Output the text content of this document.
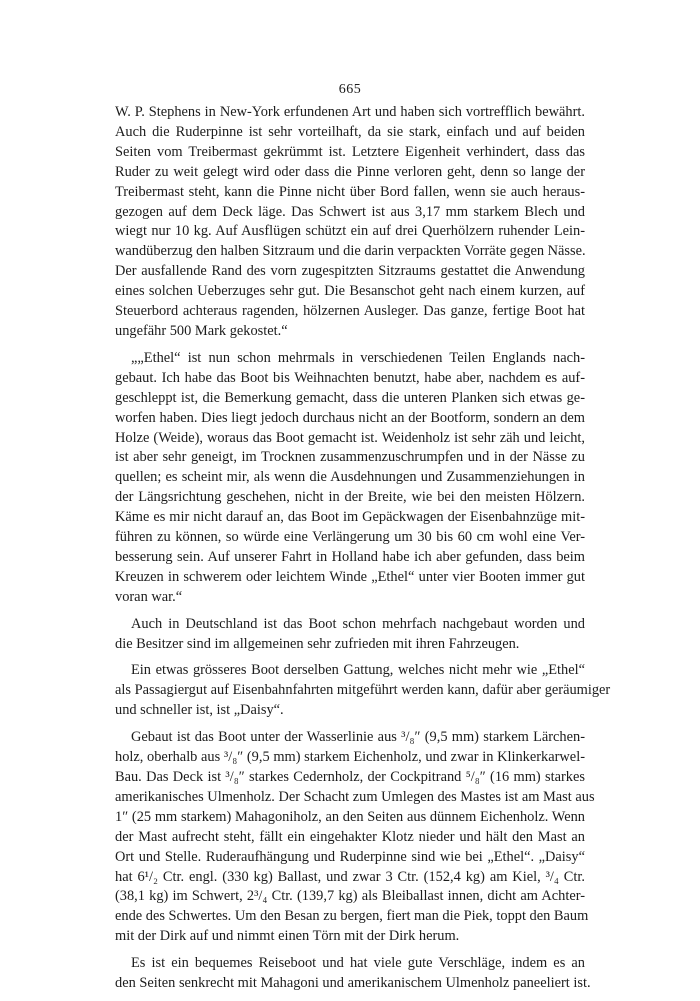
665

W. P. Stephens in New-York erfundenen Art und haben sich vortrefflich bewährt.
Auch die Ruderpinne ist sehr vorteilhaft, da sie stark, einfach und auf beiden
Seiten vom Treibermast gekrümmt ist. Letztere Eigenheit verhindert, dass das
Ruder zu weit gelegt wird oder dass die Pinne verloren geht, denn so lange der
Treibermast steht, kann die Pinne nicht über Bord fallen, wenn sie auch heraus-
gezogen auf dem Deck läge. Das Schwert ist aus 3,17 mm starkem Blech und
wiegt nur 10 kg. Auf Ausflügen schützt ein auf drei Querhölzern ruhender Lein-
wandüberzug den halben Sitzraum und die darin verpackten Vorräte gegen Nässe.
Der ausfallende Rand des vorn zugespitzten Sitzraums gestattet die Anwendung
eines solchen Ueberzuges sehr gut. Die Besanschot geht nach einem kurzen, auf
Steuerbord achteraus ragenden, hölzernen Ausleger. Das ganze, fertige Boot hat
ungefähr 500 Mark gekostet.“

„„Ethel“ ist nun schon mehrmals in verschiedenen Teilen Englands nach-
gebaut. Ich habe das Boot bis Weihnachten benutzt, habe aber, nachdem es auf-
geschleppt ist, die Bemerkung gemacht, dass die unteren Planken sich etwas ge-
worfen haben. Dies liegt jedoch durchaus nicht an der Bootform, sondern an dem
Holze (Weide), woraus das Boot gemacht ist. Weidenholz ist sehr zäh und leicht,
ist aber sehr geneigt, im Trocknen zusammenzuschrumpfen und in der Nässe zu
quellen; es scheint mir, als wenn die Ausdehnungen und Zusammenziehungen in
der Längsrichtung geschehen, nicht in der Breite, wie bei den meisten Hölzern.
Käme es mir nicht darauf an, das Boot im Gepäckwagen der Eisenbahnzüge mit-
führen zu können, so würde eine Verlängerung um 30 bis 60 cm wohl eine Ver-
besserung sein. Auf unserer Fahrt in Holland habe ich aber gefunden, dass beim
Kreuzen in schwerem oder leichtem Winde „Ethel“ unter vier Booten immer gut
voran war.“

Auch in Deutschland ist das Boot schon mehrfach nachgebaut worden und
die Besitzer sind im allgemeinen sehr zufrieden mit ihren Fahrzeugen.

Ein etwas grösseres Boot derselben Gattung, welches nicht mehr wie „Ethel“
als Passagiergut auf Eisenbahnfahrten mitgeführt werden kann, dafür aber geräumiger
und schneller ist, ist „Daisy“.

Gebaut ist das Boot unter der Wasserlinie aus ³/₈″ (9,5 mm) starkem Lärchen-
holz, oberhalb aus ³/₈″ (9,5 mm) starkem Eichenholz, und zwar in Klinkerkarwel-
Bau. Das Deck ist ³/₈″ starkes Cedernholz, der Cockpitrand ⁵/₈″ (16 mm) starkes
amerikanisches Ulmenholz. Der Schacht zum Umlegen des Mastes ist am Mast aus
1″ (25 mm starkem) Mahagoniholz, an den Seiten aus dünnem Eichenholz. Wenn
der Mast aufrecht steht, fällt ein eingehakter Klotz nieder und hält den Mast an
Ort und Stelle. Ruderaufhängung und Ruderpinne sind wie bei „Ethel“. „Daisy“
hat 6¹/₂ Ctr. engl. (330 kg) Ballast, und zwar 3 Ctr. (152,4 kg) am Kiel, ³/₄ Ctr.
(38,1 kg) im Schwert, 2³/₄ Ctr. (139,7 kg) als Bleiballast innen, dicht am Achter-
ende des Schwertes. Um den Besan zu bergen, fiert man die Piek, toppt den Baum
mit der Dirk auf und nimmt einen Törn mit der Dirk herum.

Es ist ein bequemes Reiseboot und hat viele gute Verschläge, indem es an
den Seiten senkrecht mit Mahagoni und amerikanischem Ulmenholz paneeliert ist.
